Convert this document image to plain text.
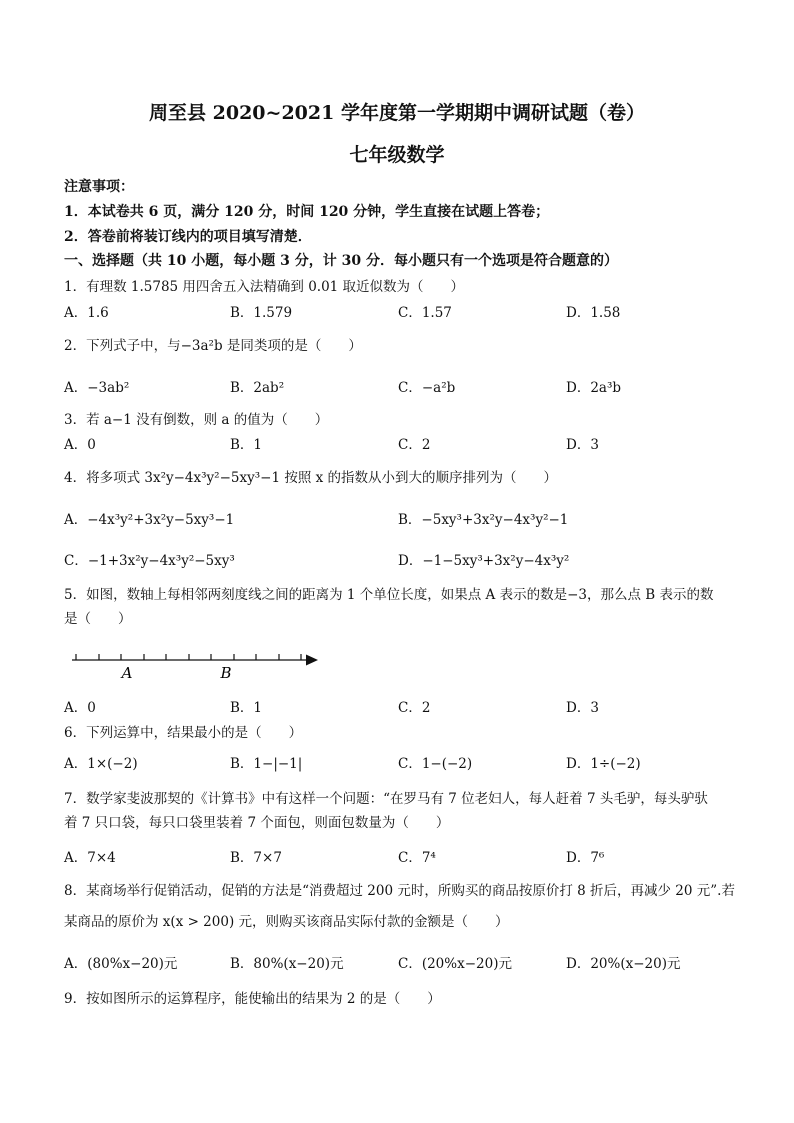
周至县 2020~2021 学年度第一学期期中调研试题（卷）
七年级数学
注意事项：
1．本试卷共 6 页，满分 120 分，时间 120 分钟，学生直接在试题上答卷；
2．答卷前将装订线内的项目填写清楚．
一、选择题（共 10 小题，每小题 3 分，计 30 分．每小题只有一个选项是符合题意的）
1．有理数 1.5785 用四舍五入法精确到 0.01 取近似数为（　　）
A．1.6	B．1.579	C．1.57	D．1.58
2．下列式子中，与−3a²b 是同类项的是（　　）
A．−3ab²	B．2ab²	C．−a²b	D．2a³b
3．若 a−1 没有倒数，则 a 的值为（　　）
A．0	B．1	C．2	D．3
4．将多项式 3x²y−4x³y²−5xy³−1 按照 x 的指数从小到大的顺序排列为（　　）
A．−4x³y²+3x²y−5xy³−1	B．−5xy³+3x²y−4x³y²−1
C．−1+3x²y−4x³y²−5xy³	D．−1−5xy³+3x²y−4x³y²
5．如图，数轴上每相邻两刻度线之间的距离为 1 个单位长度，如果点 A 表示的数是−3，那么点 B 表示的数
是（　　）
A	B
A．0	B．1	C．2	D．3
6．下列运算中，结果最小的是（　　）
A．1×(−2)	B．1−|−1|	C．1−(−2)	D．1÷(−2)
7．数学家斐波那契的《计算书》中有这样一个问题：“在罗马有 7 位老妇人，每人赶着 7 头毛驴，每头驴驮
着 7 只口袋，每只口袋里装着 7 个面包，则面包数量为（　　）
A．7×4	B．7×7	C．7⁴	D．7⁶
8．某商场举行促销活动，促销的方法是“消费超过 200 元时，所购买的商品按原价打 8 折后，再减少 20 元”.若
某商品的原价为 x(x > 200) 元，则购买该商品实际付款的金额是（　　）
A．(80%x−20)元	B．80%(x−20)元	C．(20%x−20)元	D．20%(x−20)元
9．按如图所示的运算程序，能使输出的结果为 2 的是（　　）
